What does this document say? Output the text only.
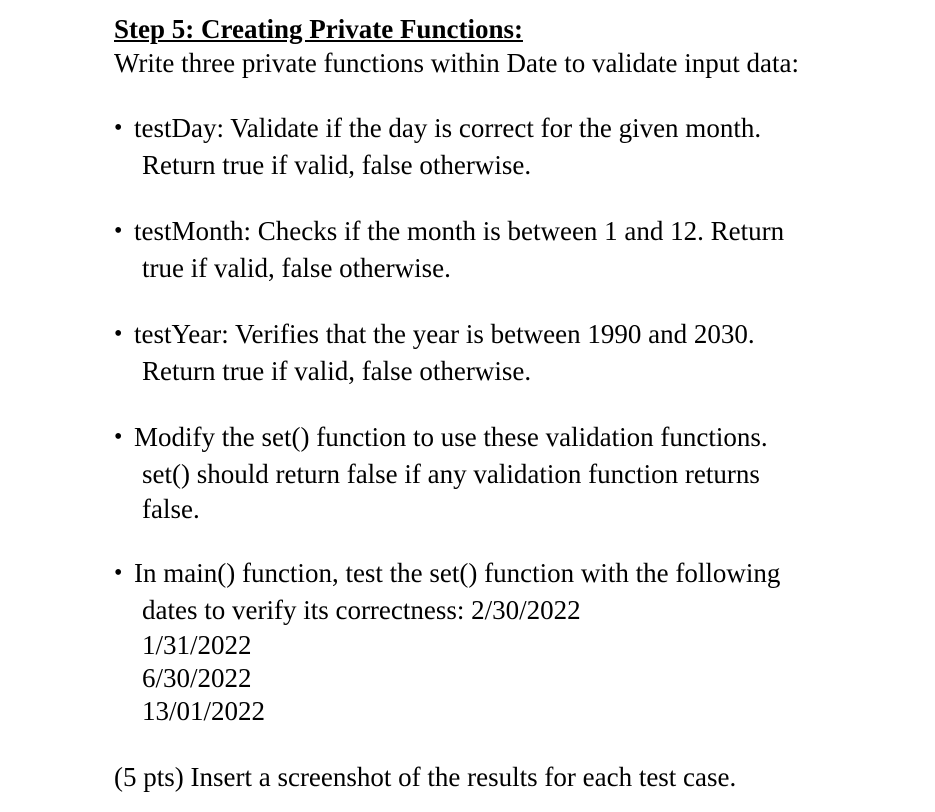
Step 5: Creating Private Functions:
Write three private functions within Date to validate input data:
• testDay: Validate if the day is correct for the given month.
Return true if valid, false otherwise.
• testMonth: Checks if the month is between 1 and 12. Return
true if valid, false otherwise.
• testYear: Verifies that the year is between 1990 and 2030.
Return true if valid, false otherwise.
• Modify the set() function to use these validation functions.
set() should return false if any validation function returns
false.
• In main() function, test the set() function with the following
dates to verify its correctness: 2/30/2022
1/31/2022
6/30/2022
13/01/2022
(5 pts) Insert a screenshot of the results for each test case.
